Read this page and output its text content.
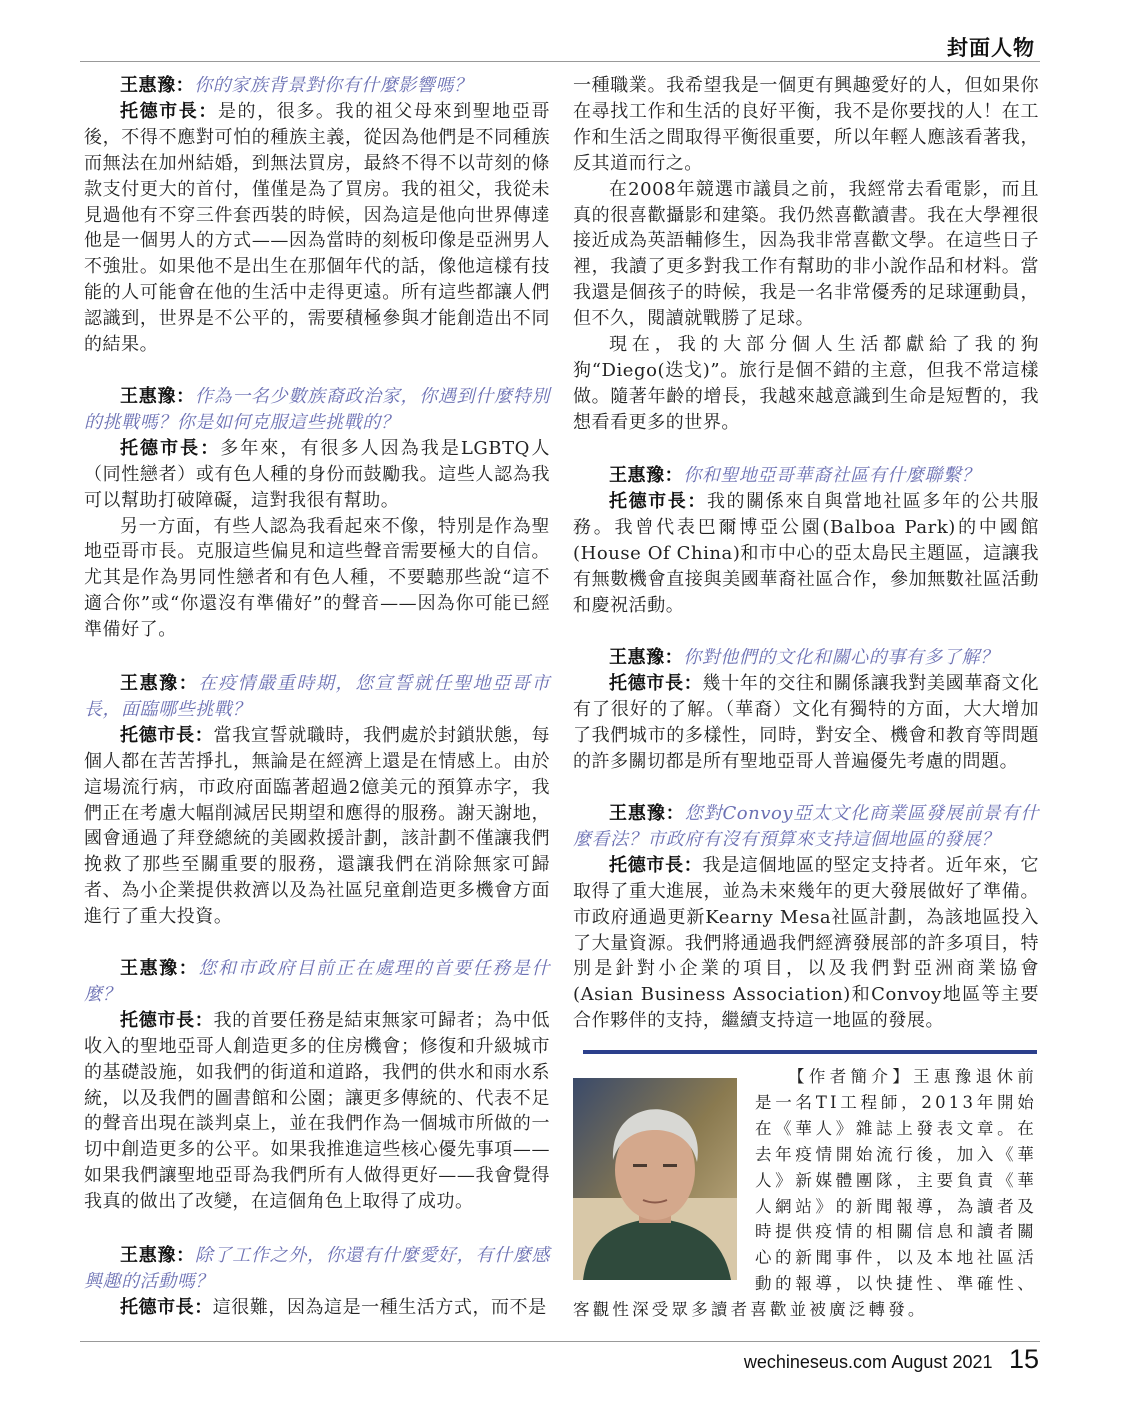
封面人物

王惠豫：你的家族背景對你有什麼影響嗎？

托德市長：是的，很多。我的祖父母來到聖地亞哥後，不得不應對可怕的種族主義，從因為他們是不同種族而無法在加州結婚，到無法買房，最終不得不以苛刻的條款支付更大的首付，僅僅是為了買房。我的祖父，我從未見過他有不穿三件套西裝的時候，因為這是他向世界傳達他是一個男人的方式——因為當時的刻板印像是亞洲男人不強壯。如果他不是出生在那個年代的話，像他這樣有技能的人可能會在他的生活中走得更遠。所有這些都讓人們認識到，世界是不公平的，需要積極參與才能創造出不同的結果。

王惠豫：作為一名少數族裔政治家，你遇到什麼特別的挑戰嗎？你是如何克服這些挑戰的？

托德市長：多年來，有很多人因為我是LGBTQ人（同性戀者）或有色人種的身份而鼓勵我。這些人認為我可以幫助打破障礙，這對我很有幫助。

另一方面，有些人認為我看起來不像，特別是作為聖地亞哥市長。克服這些偏見和這些聲音需要極大的自信。尤其是作為男同性戀者和有色人種，不要聽那些說“這不適合你”或“你還沒有準備好”的聲音——因為你可能已經準備好了。

王惠豫：在疫情嚴重時期，您宣誓就任聖地亞哥市長，面臨哪些挑戰？

托德市長：當我宣誓就職時，我們處於封鎖狀態，每個人都在苦苦掙扎，無論是在經濟上還是在情感上。由於這場流行病，市政府面臨著超過2億美元的預算赤字，我們正在考慮大幅削減居民期望和應得的服務。謝天謝地，國會通過了拜登總統的美國救援計劃，該計劃不僅讓我們挽救了那些至關重要的服務，還讓我們在消除無家可歸者、為小企業提供救濟以及為社區兒童創造更多機會方面進行了重大投資。

王惠豫：您和市政府目前正在處理的首要任務是什麼？

托德市長：我的首要任務是結束無家可歸者；為中低收入的聖地亞哥人創造更多的住房機會；修復和升級城市的基礎設施，如我們的街道和道路，我們的供水和雨水系統，以及我們的圖書館和公園；讓更多傳統的、代表不足的聲音出現在談判桌上，並在我們作為一個城市所做的一切中創造更多的公平。如果我推進這些核心優先事項——如果我們讓聖地亞哥為我們所有人做得更好——我會覺得我真的做出了改變，在這個角色上取得了成功。

王惠豫：除了工作之外，你還有什麼愛好，有什麼感興趣的活動嗎？

托德市長：這很難，因為這是一種生活方式，而不是

一種職業。我希望我是一個更有興趣愛好的人，但如果你在尋找工作和生活的良好平衡，我不是你要找的人！在工作和生活之間取得平衡很重要，所以年輕人應該看著我，反其道而行之。

在2008年競選市議員之前，我經常去看電影，而且真的很喜歡攝影和建築。我仍然喜歡讀書。我在大學裡很接近成為英語輔修生，因為我非常喜歡文學。在這些日子裡，我讀了更多對我工作有幫助的非小說作品和材料。當我還是個孩子的時候，我是一名非常優秀的足球運動員，但不久，閱讀就戰勝了足球。

現在，我的大部分個人生活都獻給了我的狗狗“Diego(迭戈)”。旅行是個不錯的主意，但我不常這樣做。隨著年齡的增長，我越來越意識到生命是短暫的，我想看看更多的世界。

王惠豫：你和聖地亞哥華裔社區有什麼聯繫？

托德市長：我的關係來自與當地社區多年的公共服務。我曾代表巴爾博亞公園(Balboa Park)的中國館 (House Of China)和市中心的亞太島民主題區，這讓我有無數機會直接與美國華裔社區合作，參加無數社區活動和慶祝活動。

王惠豫：你對他們的文化和關心的事有多了解？

托德市長：幾十年的交往和關係讓我對美國華裔文化有了很好的了解。（華裔）文化有獨特的方面，大大增加了我們城市的多樣性，同時，對安全、機會和教育等問題的許多關切都是所有聖地亞哥人普遍優先考慮的問題。

王惠豫：您對Convoy亞太文化商業區發展前景有什麼看法？市政府有沒有預算來支持這個地區的發展？

托德市長：我是這個地區的堅定支持者。近年來，它取得了重大進展，並為未來幾年的更大發展做好了準備。市政府通過更新Kearny Mesa社區計劃，為該地區投入了大量資源。我們將通過我們經濟發展部的許多項目，特別是針對小企業的項目，以及我們對亞洲商業協會(Asian Business Association)和Convoy地區等主要合作夥伴的支持，繼續支持這一地區的發展。

【作者簡介】王惠豫退休前是一名TI工程師，2013年開始在《華人》雜誌上發表文章。在去年疫情開始流行後，加入《華人》新媒體團隊，主要負責《華人網站》的新聞報導，為讀者及時提供疫情的相關信息和讀者關心的新聞事件，以及本地社區活動的報導，以快捷性、準確性、客觀性深受眾多讀者喜歡並被廣泛轉發。

wechineseus.com August 2021 15
